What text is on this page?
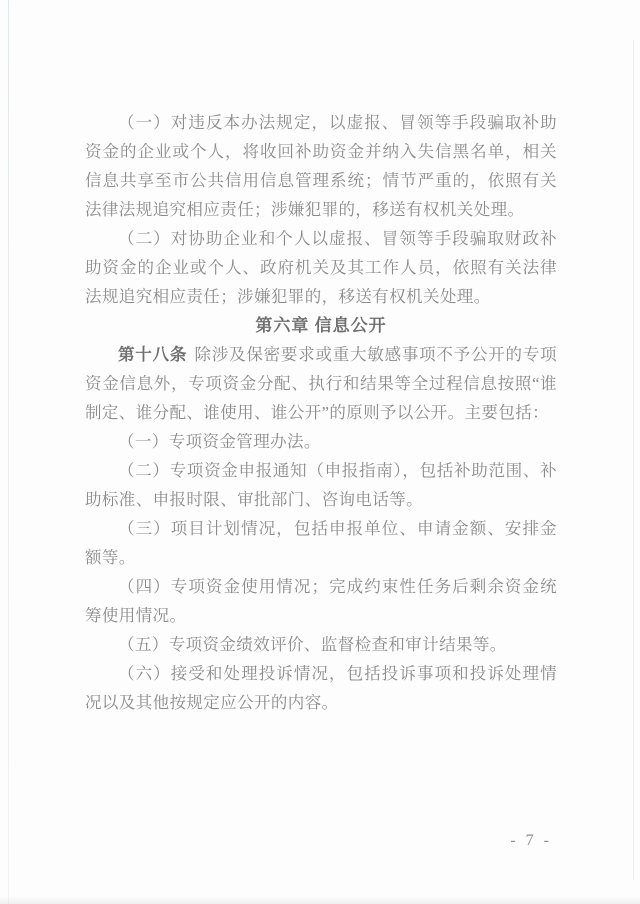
（一）对违反本办法规定，以虚报、冒领等手段骗取补助资金的企业或个人，将收回补助资金并纳入失信黑名单，相关信息共享至市公共信用信息管理系统；情节严重的，依照有关法律法规追究相应责任；涉嫌犯罪的，移送有权机关处理。

（二）对协助企业和个人以虚报、冒领等手段骗取财政补助资金的企业或个人、政府机关及其工作人员，依照有关法律法规追究相应责任；涉嫌犯罪的，移送有权机关处理。

第六章 信息公开

第十八条 除涉及保密要求或重大敏感事项不予公开的专项资金信息外，专项资金分配、执行和结果等全过程信息按照“谁制定、谁分配、谁使用、谁公开”的原则予以公开。主要包括：

（一）专项资金管理办法。

（二）专项资金申报通知（申报指南），包括补助范围、补助标准、申报时限、审批部门、咨询电话等。

（三）项目计划情况，包括申报单位、申请金额、安排金额等。

（四）专项资金使用情况；完成约束性任务后剩余资金统筹使用情况。

（五）专项资金绩效评价、监督检查和审计结果等。

（六）接受和处理投诉情况，包括投诉事项和投诉处理情况以及其他按规定应公开的内容。

- 7 -
